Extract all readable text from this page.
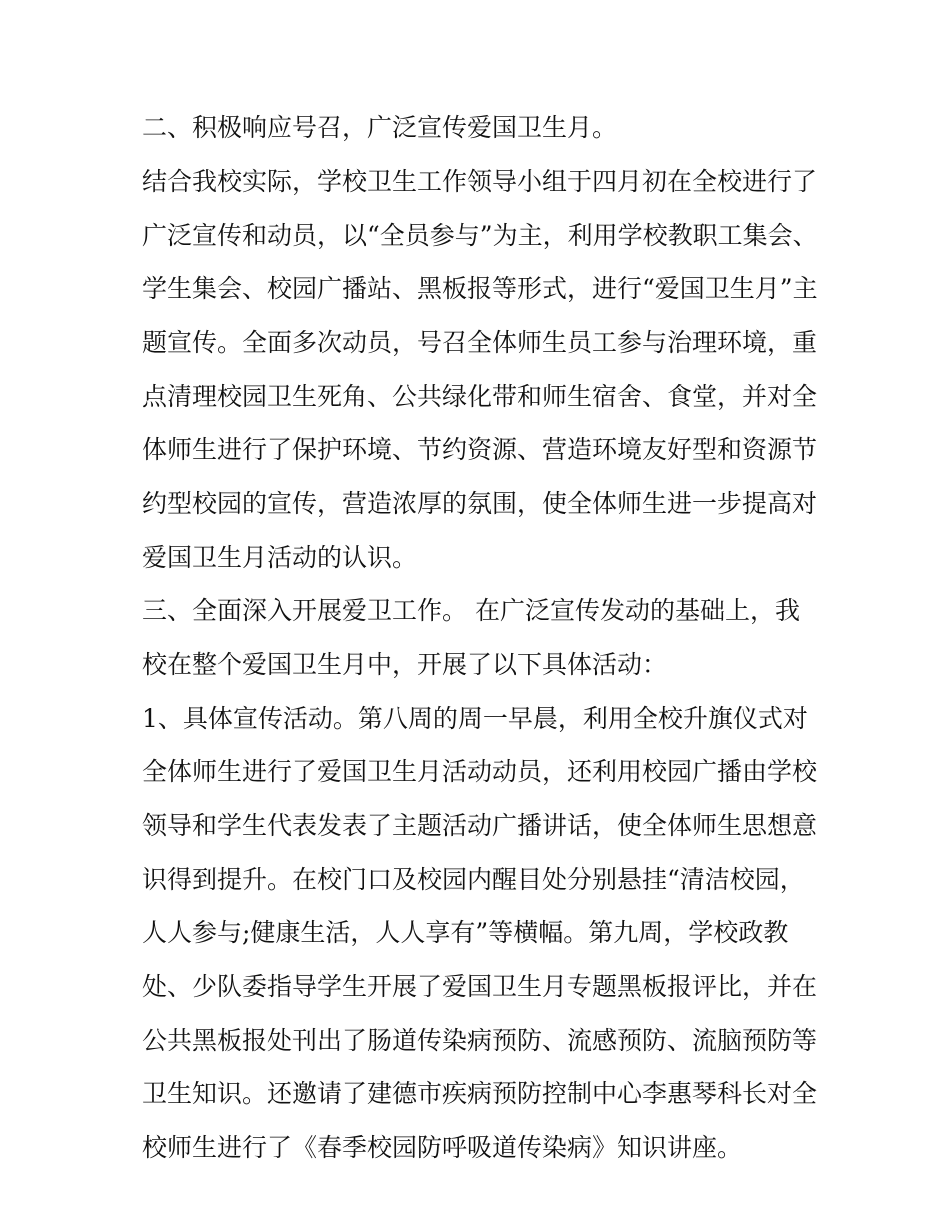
二、积极响应号召，广泛宣传爱国卫生月。
结合我校实际，学校卫生工作领导小组于四月初在全校进行了
广泛宣传和动员，以“全员参与”为主，利用学校教职工集会、
学生集会、校园广播站、黑板报等形式，进行“爱国卫生月”主
题宣传。全面多次动员，号召全体师生员工参与治理环境，重
点清理校园卫生死角、公共绿化带和师生宿舍、食堂，并对全
体师生进行了保护环境、节约资源、营造环境友好型和资源节
约型校园的宣传，营造浓厚的氛围，使全体师生进一步提高对
爱国卫生月活动的认识。
三、全面深入开展爱卫工作。 在广泛宣传发动的基础上，我
校在整个爱国卫生月中，开展了以下具体活动：
1、具体宣传活动。第八周的周一早晨，利用全校升旗仪式对
全体师生进行了爱国卫生月活动动员，还利用校园广播由学校
领导和学生代表发表了主题活动广播讲话，使全体师生思想意
识得到提升。在校门口及校园内醒目处分别悬挂“清洁校园，
人人参与;健康生活，人人享有”等横幅。第九周，学校政教
处、少队委指导学生开展了爱国卫生月专题黑板报评比，并在
公共黑板报处刊出了肠道传染病预防、流感预防、流脑预防等
卫生知识。还邀请了建德市疾病预防控制中心李惠琴科长对全
校师生进行了《春季校园防呼吸道传染病》知识讲座。
